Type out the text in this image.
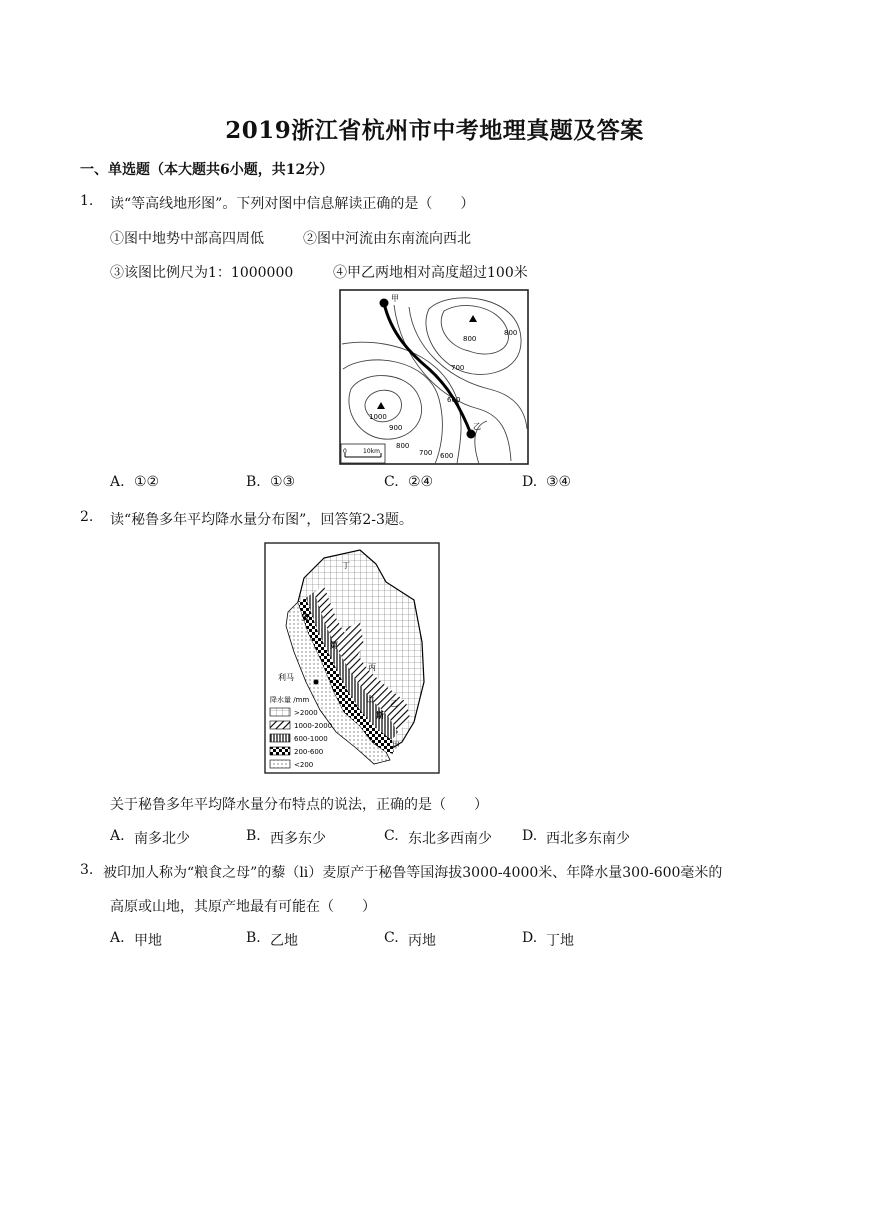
2019浙江省杭州市中考地理真题及答案
一、单选题（本大题共6小题，共12分）
1. 读“等高线地形图”。下列对图中信息解读正确的是（　　）
①图中地势中部高四周低	②图中河流由东南流向西北
③该图比例尺为1：1000000	④甲乙两地相对高度超过100米
甲
乙
800
800
700
600
1000
900
800
700 600
0	10km
A. ①②	B. ①③	C. ②④	D. ③④
2. 读“秘鲁多年平均降水量分布图”，回答第2-3题。
丁
安
第
丙
山 乙
斯
甲
利马
降水量 /mm
>2000
1000-2000
600-1000
200-600
<200
关于秘鲁多年平均降水量分布特点的说法，正确的是（　　）
A. 南多北少	B. 西多东少	C. 东北多西南少 D. 西北多东南少
3. 被印加人称为“粮食之母”的藜（li）麦原产于秘鲁等国海拔3000-4000米、年降水量300-600毫米的
高原或山地，其原产地最有可能在（　　）
A. 甲地	B. 乙地	C. 丙地	D. 丁地
